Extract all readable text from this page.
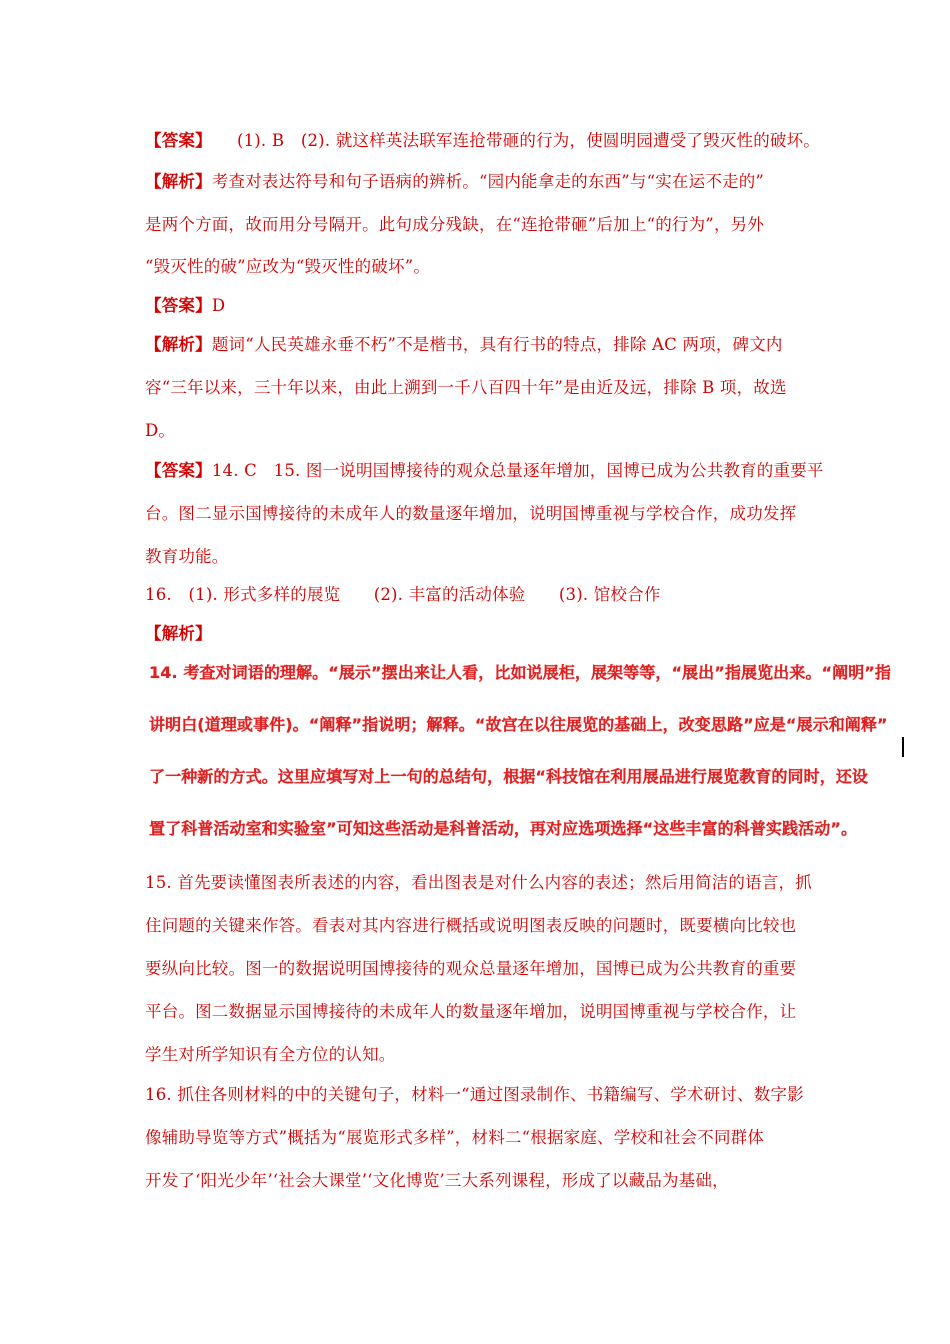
【答案】　　(1). B　(2). 就这样英法联军连抢带砸的行为，使圆明园遭受了毁灭性的破坏。
【解析】考查对表达符号和句子语病的辨析。“园内能拿走的东西”与“实在运不走的”
是两个方面，故而用分号隔开。此句成分残缺，在“连抢带砸”后加上“的行为”，另外
“毁灭性的破”应改为“毁灭性的破坏”。
【答案】D
【解析】题词“人民英雄永垂不朽”不是楷书，具有行书的特点，排除 AC 两项，碑文内
容“三年以来，三十年以来，由此上溯到一千八百四十年”是由近及远，排除 B 项，故选
D。
【答案】14. C　15. 图一说明国博接待的观众总量逐年增加，国博已成为公共教育的重要平
台。图二显示国博接待的未成年人的数量逐年增加，说明国博重视与学校合作，成功发挥
教育功能。
16.　(1). 形式多样的展览　　(2). 丰富的活动体验　　(3). 馆校合作
【解析】
14. 考查对词语的理解。“展示”摆出来让人看，比如说展柜，展架等等，“展出”指展览出来。“阐明”指
讲明白(道理或事件)。“阐释”指说明；解释。“故宫在以往展览的基础上，改变思路”应是“展示和阐释”
了一种新的方式。这里应填写对上一句的总结句，根据“科技馆在利用展品进行展览教育的同时，还设
置了科普活动室和实验室”可知这些活动是科普活动，再对应选项选择“这些丰富的科普实践活动”。
15. 首先要读懂图表所表述的内容，看出图表是对什么内容的表述；然后用简洁的语言，抓
住问题的关键来作答。看表对其内容进行概括或说明图表反映的问题时，既要横向比较也
要纵向比较。图一的数据说明国博接待的观众总量逐年增加，国博已成为公共教育的重要
平台。图二数据显示国博接待的未成年人的数量逐年增加，说明国博重视与学校合作，让
学生对所学知识有全方位的认知。
16. 抓住各则材料的中的关键句子，材料一“通过图录制作、书籍编写、学术研讨、数字影
像辅助导览等方式”概括为“展览形式多样”，材料二“根据家庭、学校和社会不同群体
开发了‘阳光少年’‘社会大课堂’‘文化博览’三大系列课程，形成了以藏品为基础，
